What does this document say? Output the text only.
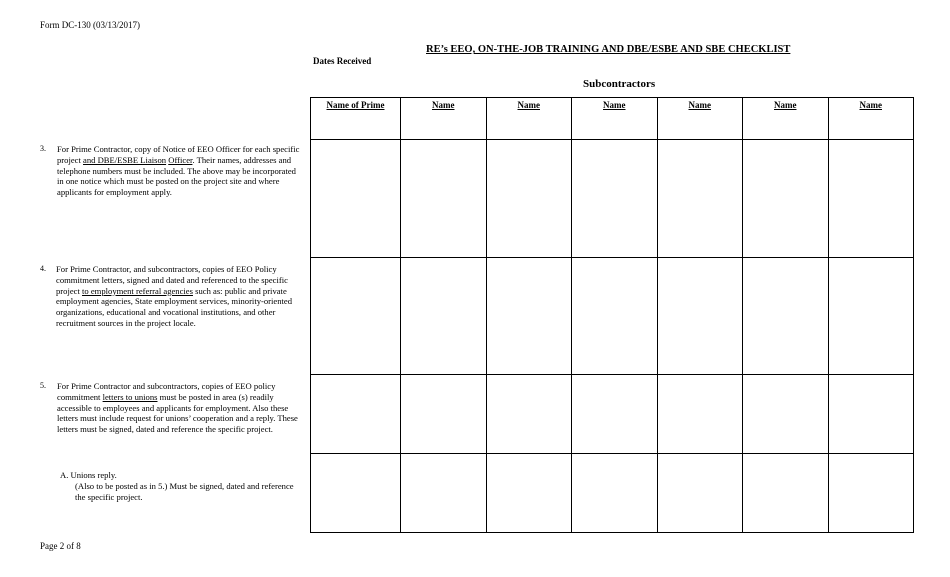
Form DC-130 (03/13/2017)
RE’s EEO, ON-THE-JOB TRAINING AND DBE/ESBE AND SBE CHECKLIST
Dates Received
Subcontractors
3. For Prime Contractor, copy of Notice of EEO Officer for each specific project and DBE/ESBE Liaison Officer. Their names, addresses and telephone numbers must be included. The above may be incorporated in one notice which must be posted on the project site and where applicants for employment apply.
4. For Prime Contractor, and subcontractors, copies of EEO Policy commitment letters, signed and dated and referenced to the specific project to employment referral agencies such as: public and private employment agencies, State employment services, minority-oriented organizations, educational and vocational institutions, and other recruitment sources in the project locale.
5. For Prime Contractor and subcontractors, copies of EEO policy commitment letters to unions must be posted in area (s) readily accessible to employees and applicants for employment. Also these letters must include request for unions’ cooperation and a reply. These letters must be signed, dated and reference the specific project.
A. Unions reply.
(Also to be posted as in 5.) Must be signed, dated and reference the specific project.
Name of Prime	Name	Name	Name	Name	Name	Name

Page 2 of 8
